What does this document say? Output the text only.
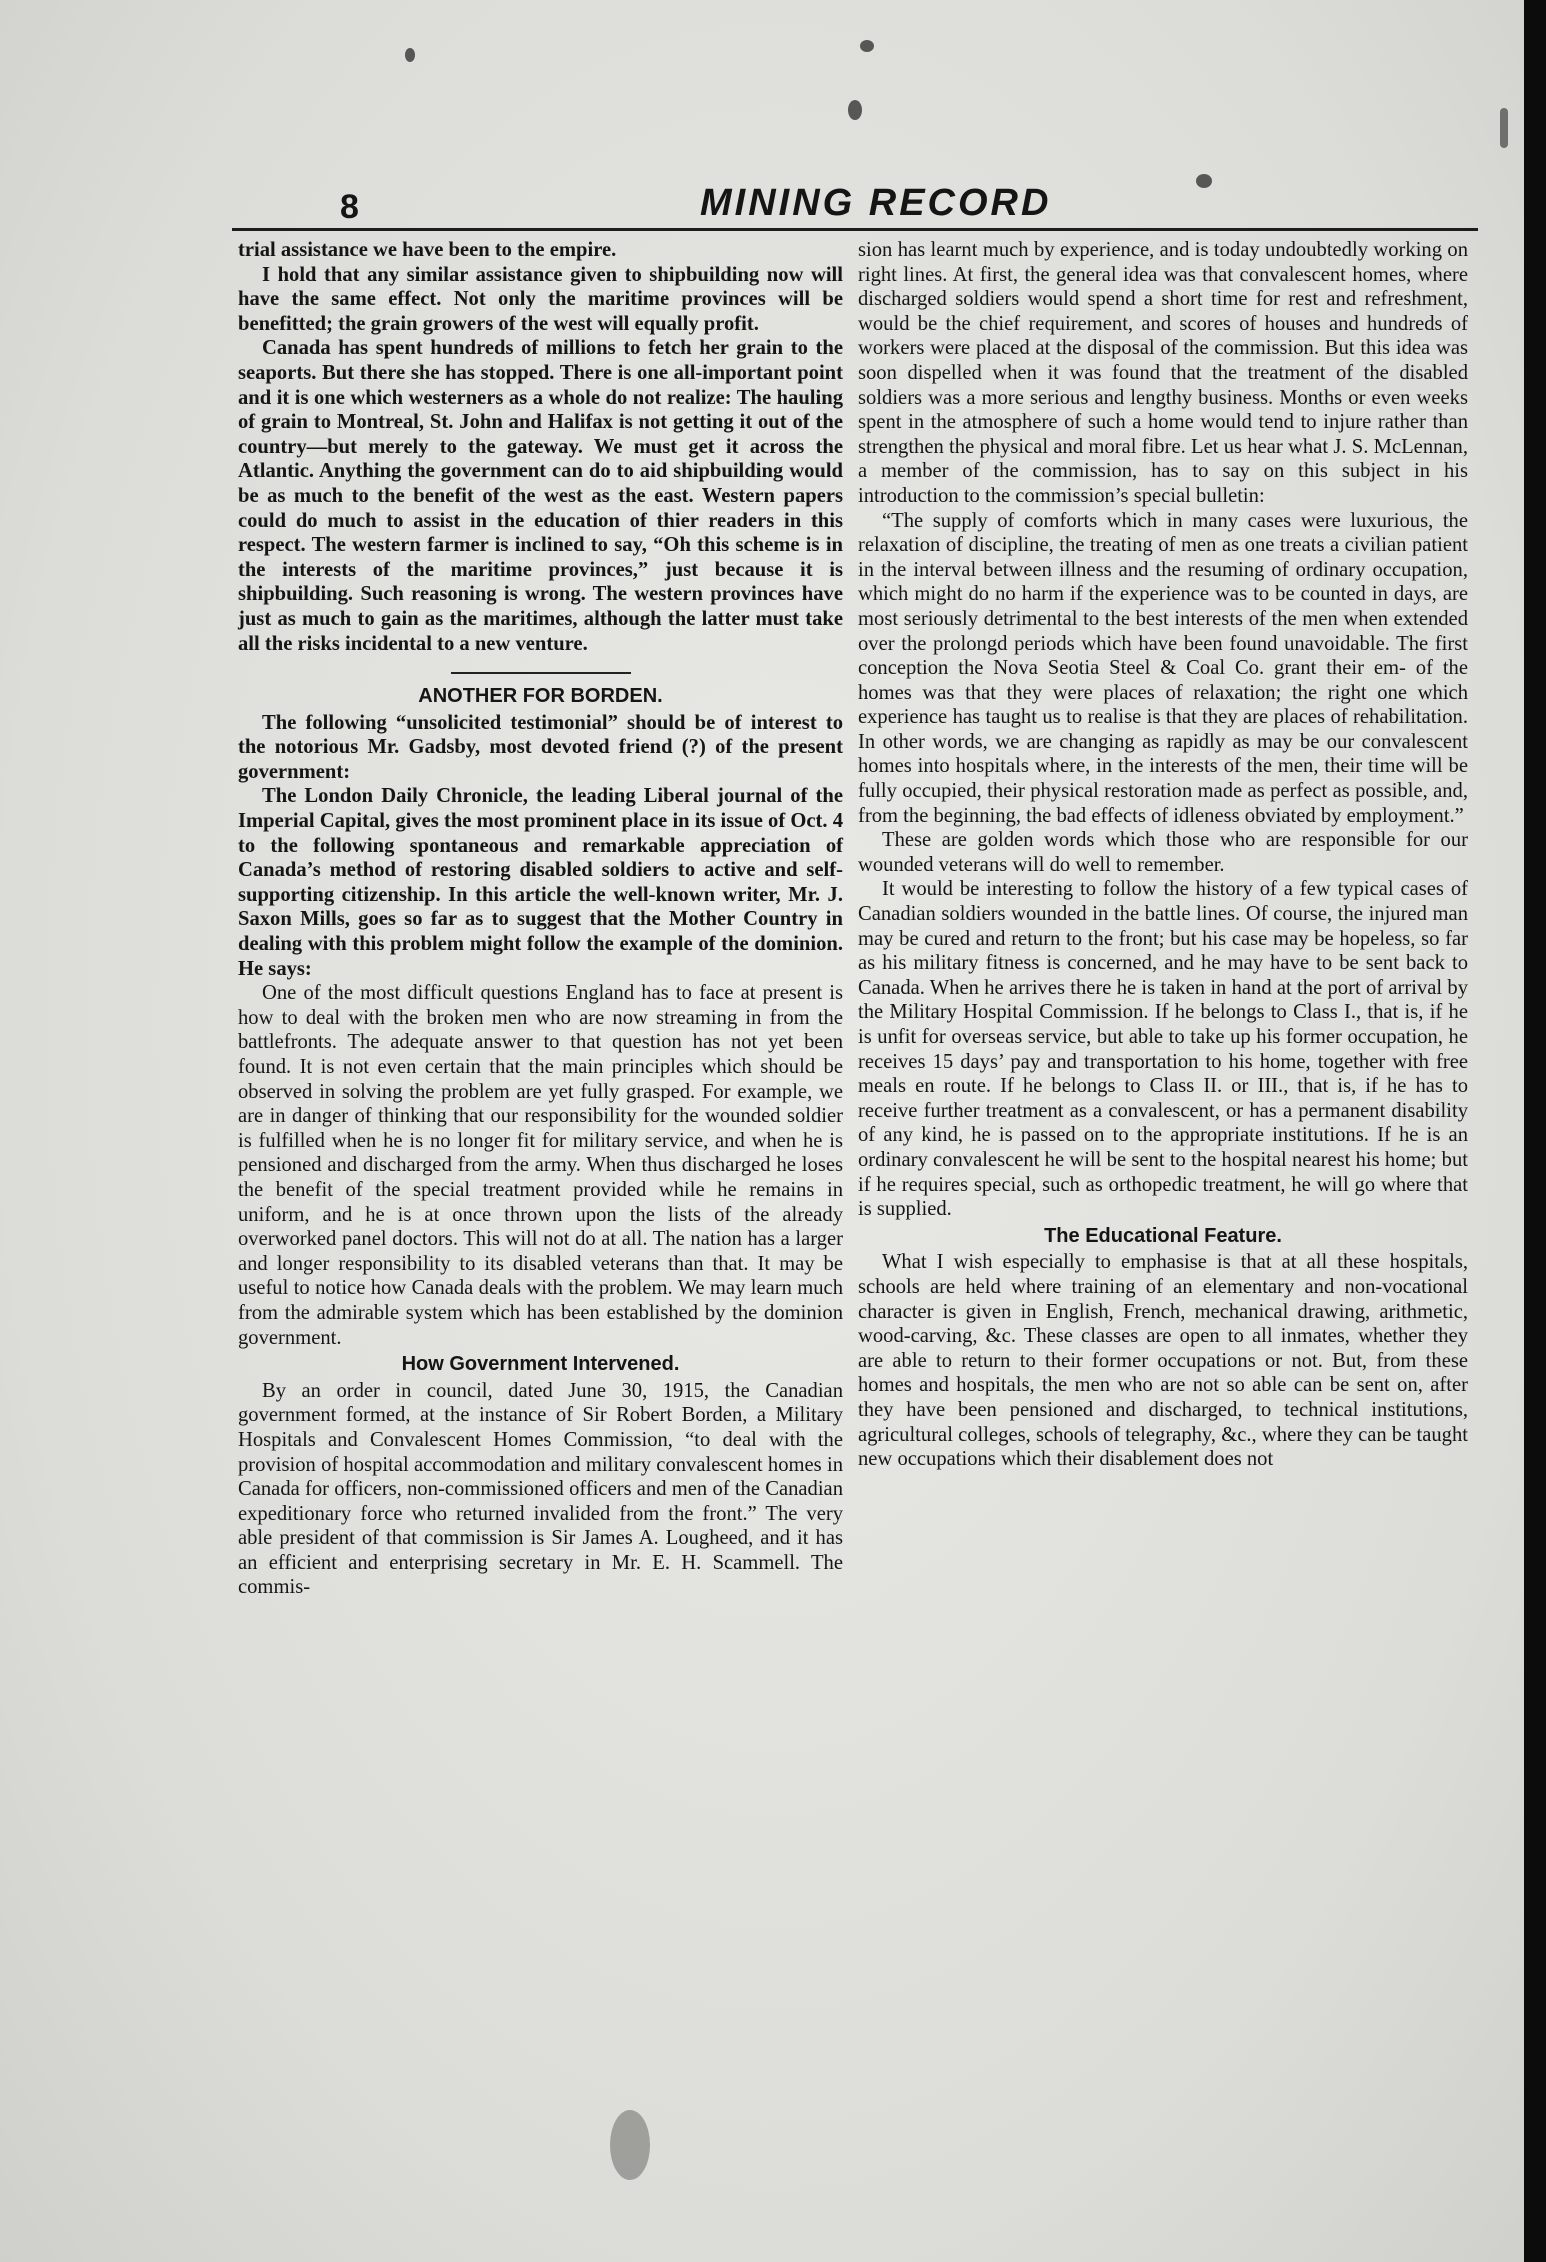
8	MINING RECORD

trial assistance we have been to the empire.

I hold that any similar assistance given to shipbuilding now will have the same effect. Not only the maritime provinces will be benefitted; the grain growers of the west will equally profit.

Canada has spent hundreds of millions to fetch her grain to the seaports. But there she has stopped. There is one all-important point and it is one which westerners as a whole do not realize: The hauling of grain to Montreal, St. John and Halifax is not getting it out of the country—but merely to the gateway. We must get it across the Atlantic. Anything the government can do to aid shipbuilding would be as much to the benefit of the west as the east. Western papers could do much to assist in the education of thier readers in this respect. The western farmer is inclined to say, “Oh this scheme is in the interests of the maritime provinces,” just because it is shipbuilding. Such reasoning is wrong. The western provinces have just as much to gain as the maritimes, although the latter must take all the risks incidental to a new venture.

ANOTHER FOR BORDEN.

The following “unsolicited testimonial” should be of interest to the notorious Mr. Gadsby, most devoted friend (?) of the present government:

The London Daily Chronicle, the leading Liberal journal of the Imperial Capital, gives the most prominent place in its issue of Oct. 4 to the following spontaneous and remarkable appreciation of Canada’s method of restoring disabled soldiers to active and self-supporting citizenship. In this article the well-known writer, Mr. J. Saxon Mills, goes so far as to suggest that the Mother Country in dealing with this problem might follow the example of the dominion. He says:

One of the most difficult questions England has to face at present is how to deal with the broken men who are now streaming in from the battlefronts. The adequate answer to that question has not yet been found. It is not even certain that the main principles which should be observed in solving the problem are yet fully grasped. For example, we are in danger of thinking that our responsibility for the wounded soldier is fulfilled when he is no longer fit for military service, and when he is pensioned and discharged from the army. When thus discharged he loses the benefit of the special treatment provided while he remains in uniform, and he is at once thrown upon the lists of the already overworked panel doctors. This will not do at all. The nation has a larger and longer responsibility to its disabled veterans than that. It may be useful to notice how Canada deals with the problem. We may learn much from the admirable system which has been established by the dominion government.

How Government Intervened.

By an order in council, dated June 30, 1915, the Canadian government formed, at the instance of Sir Robert Borden, a Military Hospitals and Convalescent Homes Commission, “to deal with the provision of hospital accommodation and military convalescent homes in Canada for officers, non-commissioned officers and men of the Canadian expeditionary force who returned invalided from the front.” The very able president of that commission is Sir James A. Lougheed, and it has an efficient and enterprising secretary in Mr. E. H. Scammell. The commis-

sion has learnt much by experience, and is today undoubtedly working on right lines. At first, the general idea was that convalescent homes, where discharged soldiers would spend a short time for rest and refreshment, would be the chief requirement, and scores of houses and hundreds of workers were placed at the disposal of the commission. But this idea was soon dispelled when it was found that the treatment of the disabled soldiers was a more serious and lengthy business. Months or even weeks spent in the atmosphere of such a home would tend to injure rather than strengthen the physical and moral fibre. Let us hear what J. S. McLennan, a member of the commission, has to say on this subject in his introduction to the commission’s special bulletin:

“The supply of comforts which in many cases were luxurious, the relaxation of discipline, the treating of men as one treats a civilian patient in the interval between illness and the resuming of ordinary occupation, which might do no harm if the experience was to be counted in days, are most seriously detrimental to the best interests of the men when extended over the prolongd periods which have been found unavoidable. The first conception the Nova Seotia Steel & Coal Co. grant their em- of the homes was that they were places of relaxation; the right one which experience has taught us to realise is that they are places of rehabilitation. In other words, we are changing as rapidly as may be our convalescent homes into hospitals where, in the interests of the men, their time will be fully occupied, their physical restoration made as perfect as possible, and, from the beginning, the bad effects of idleness obviated by employment.”

These are golden words which those who are responsible for our wounded veterans will do well to remember.

It would be interesting to follow the history of a few typical cases of Canadian soldiers wounded in the battle lines. Of course, the injured man may be cured and return to the front; but his case may be hopeless, so far as his military fitness is concerned, and he may have to be sent back to Canada. When he arrives there he is taken in hand at the port of arrival by the Military Hospital Commission. If he belongs to Class I., that is, if he is unfit for overseas service, but able to take up his former occupation, he receives 15 days’ pay and transportation to his home, together with free meals en route. If he belongs to Class II. or III., that is, if he has to receive further treatment as a convalescent, or has a permanent disability of any kind, he is passed on to the appropriate institutions. If he is an ordinary convalescent he will be sent to the hospital nearest his home; but if he requires special, such as orthopedic treatment, he will go where that is supplied.

The Educational Feature.

What I wish especially to emphasise is that at all these hospitals, schools are held where training of an elementary and non-vocational character is given in English, French, mechanical drawing, arithmetic, wood-carving, &c. These classes are open to all inmates, whether they are able to return to their former occupations or not. But, from these homes and hospitals, the men who are not so able can be sent on, after they have been pensioned and discharged, to technical institutions, agricultural colleges, schools of telegraphy, &c., where they can be taught new occupations which their disablement does not
